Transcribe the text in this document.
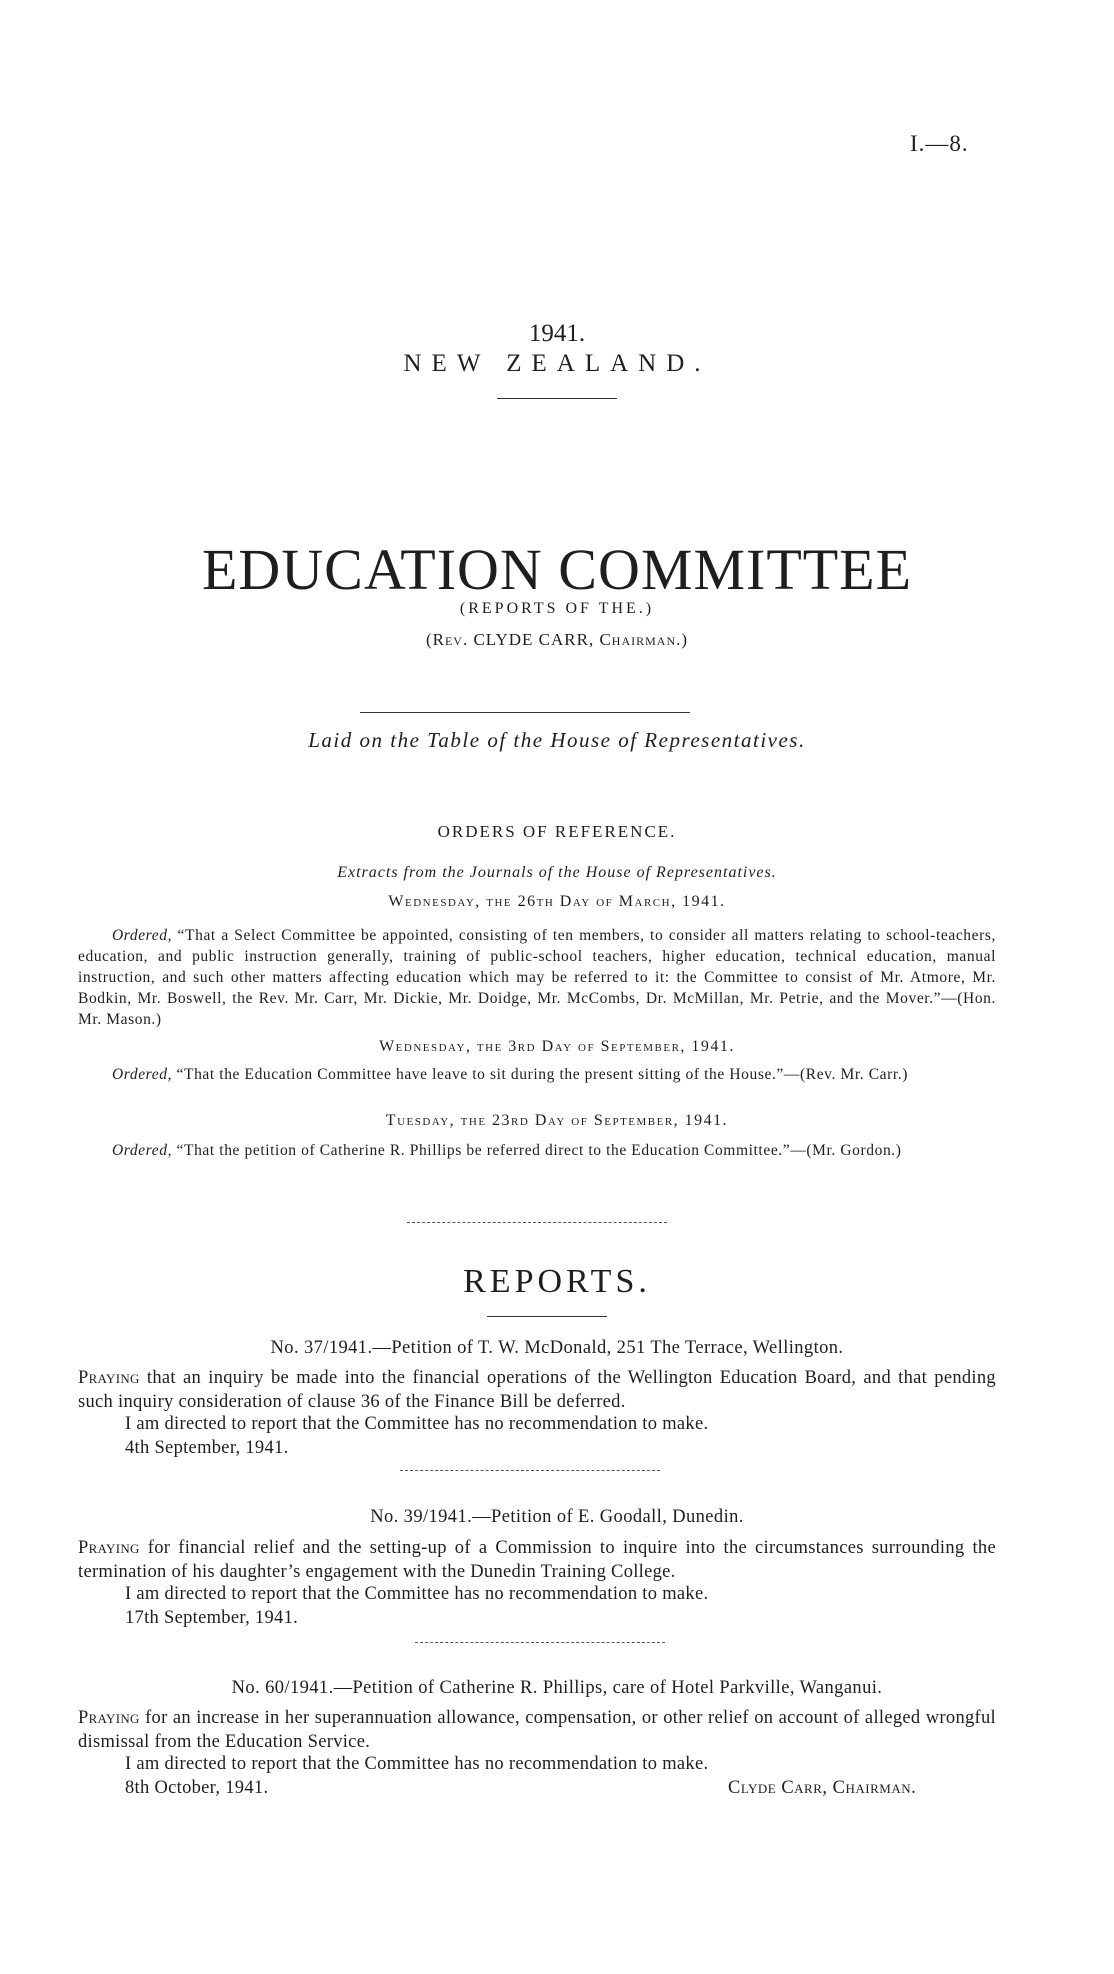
I.—8.
1941.
NEW ZEALAND.
EDUCATION COMMITTEE
(REPORTS OF THE.)
(Rev. CLYDE CARR, Chairman.)
Laid on the Table of the House of Representatives.
ORDERS OF REFERENCE.
Extracts from the Journals of the House of Representatives.
Wednesday, the 26th Day of March, 1941.
Ordered, “That a Select Committee be appointed, consisting of ten members, to consider all matters relating to school-teachers, education, and public instruction generally, training of public-school teachers, higher education, technical education, manual instruction, and such other matters affecting education which may be referred to it: the Committee to consist of Mr. Atmore, Mr. Bodkin, Mr. Boswell, the Rev. Mr. Carr, Mr. Dickie, Mr. Doidge, Mr. McCombs, Dr. McMillan, Mr. Petrie, and the Mover.”—(Hon. Mr. Mason.)
Wednesday, the 3rd Day of September, 1941.
Ordered, “That the Education Committee have leave to sit during the present sitting of the House.”—(Rev. Mr. Carr.)
Tuesday, the 23rd Day of September, 1941.
Ordered, “That the petition of Catherine R. Phillips be referred direct to the Education Committee.”—(Mr. Gordon.)
REPORTS.
No. 37/1941.—Petition of T. W. McDonald, 251 The Terrace, Wellington.
Praying that an inquiry be made into the financial operations of the Wellington Education Board, and that pending such inquiry consideration of clause 36 of the Finance Bill be deferred.
I am directed to report that the Committee has no recommendation to make.
4th September, 1941.
No. 39/1941.—Petition of E. Goodall, Dunedin.
Praying for financial relief and the setting-up of a Commission to inquire into the circumstances surrounding the termination of his daughter’s engagement with the Dunedin Training College.
I am directed to report that the Committee has no recommendation to make.
17th September, 1941.
No. 60/1941.—Petition of Catherine R. Phillips, care of Hotel Parkville, Wanganui.
Praying for an increase in her superannuation allowance, compensation, or other relief on account of alleged wrongful dismissal from the Education Service.
I am directed to report that the Committee has no recommendation to make.
8th October, 1941.	Clyde Carr, Chairman.
